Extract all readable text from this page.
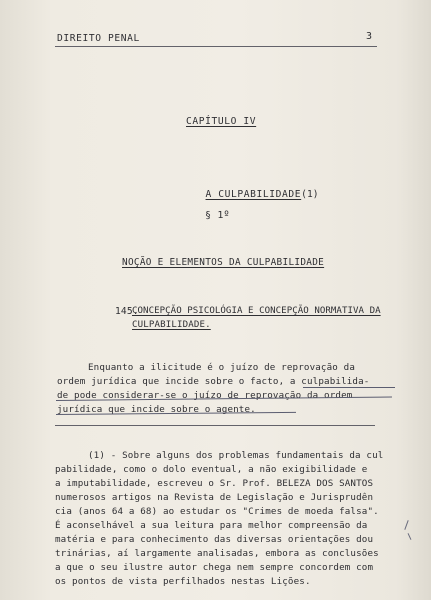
DIREITO PENAL	3
CAPÍTULO IV

A CULPABILIDADE(1)

§ 1º
NOÇÃO E ELEMENTOS DA CULPABILIDADE
145.
CONCEPÇÃO PSICOLÓGIA E CONCEPÇÃO NORMATIVA DA
CULPABILIDADE.
Enquanto a ilicitude é o juízo de reprovação da
ordem jurídica que incide sobre o facto, a culpabilida-
de pode considerar-se o juízo de reprovação da ordem
jurídica que incide sobre o agente.
(1) - Sobre alguns dos problemas fundamentais da cul
pabilidade, como o dolo eventual, a não exigibilidade e
a imputabilidade, escreveu o Sr. Prof. BELEZA DOS SANTOS
numerosos artigos na Revista de Legislação e Jurisprudên
cia (anos 64 a 68) ao estudar os "Crimes de moeda falsa".
É aconselhável a sua leitura para melhor compreensão da
matéria e para conhecimento das diversas orientações dou
trinárias, aí largamente analisadas, embora as conclusões
a que o seu ilustre autor chega nem sempre concordem com
os pontos de vista perfilhados nestas Lições.
